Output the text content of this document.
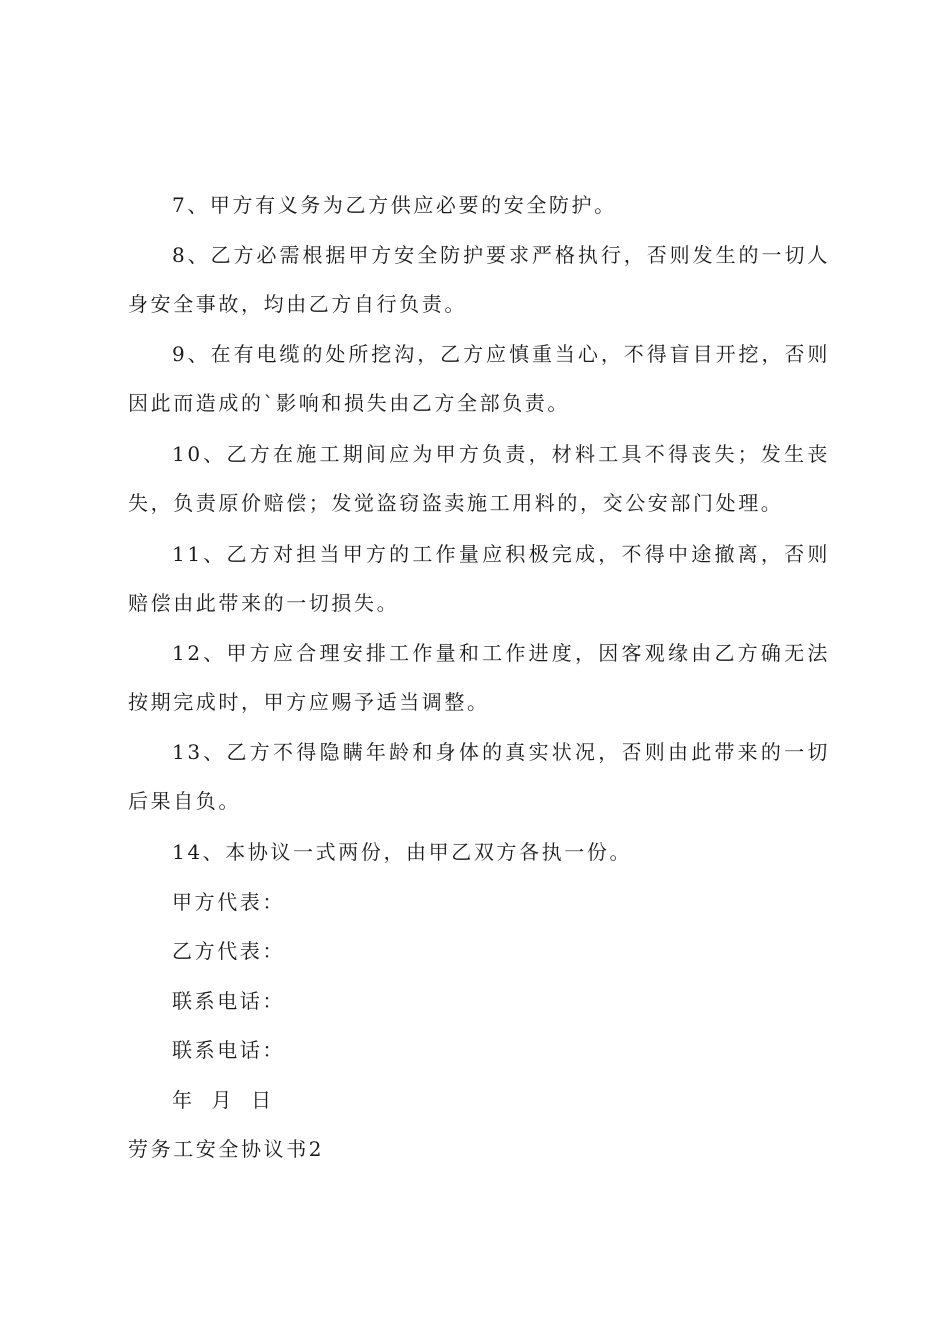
7、甲方有义务为乙方供应必要的安全防护。

8、乙方必需根据甲方安全防护要求严格执行，否则发生的一切人身安全事故，均由乙方自行负责。

9、在有电缆的处所挖沟，乙方应慎重当心，不得盲目开挖，否则因此而造成的`影响和损失由乙方全部负责。

10、乙方在施工期间应为甲方负责，材料工具不得丧失；发生丧失，负责原价赔偿；发觉盗窃盗卖施工用料的，交公安部门处理。

11、乙方对担当甲方的工作量应积极完成，不得中途撤离，否则赔偿由此带来的一切损失。

12、甲方应合理安排工作量和工作进度，因客观缘由乙方确无法按期完成时，甲方应赐予适当调整。

13、乙方不得隐瞒年龄和身体的真实状况，否则由此带来的一切后果自负。

14、本协议一式两份，由甲乙双方各执一份。

甲方代表：

乙方代表：

联系电话：

联系电话：

年 月 日

劳务工安全协议书2
